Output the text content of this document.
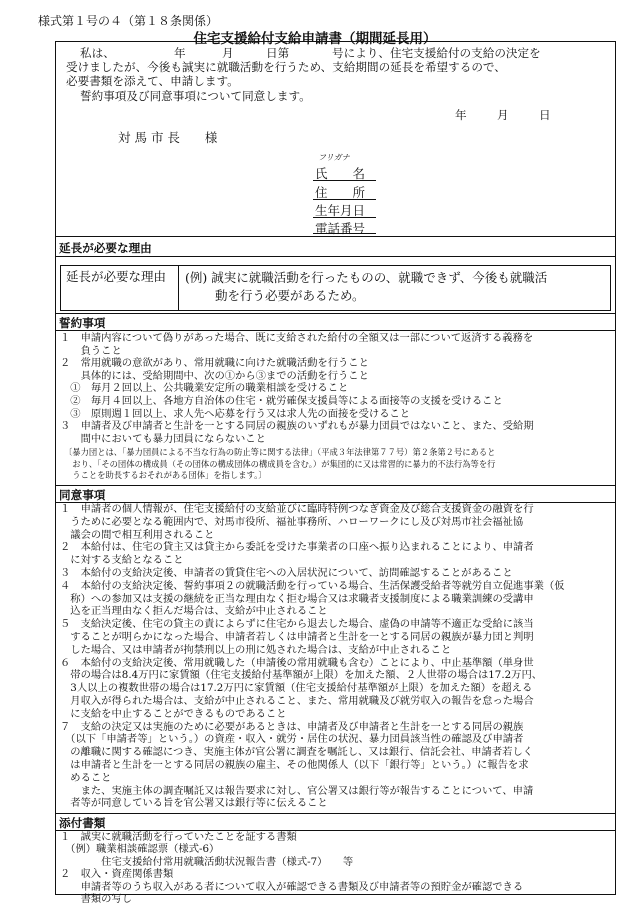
様式第１号の４（第１８条関係）
住宅支援給付支給申請書（期間延長用）
私は、	年	月	日第	号により、住宅支援給付の支給の決定を
受けましたが、今後も誠実に就職活動を行うため、支給期間の延長を希望するので、
必要書類を添えて、申請します。
誓約事項及び同意事項について同意します。
年	月	日
対 馬 市 長　　様
フリガナ
氏　　名
住　　所
生年月日
電話番号
延長が必要な理由
延長が必要な理由 (例) 誠実に就職活動を行ったものの、就職できず、今後も就職活
動を行う必要があるため。
誓約事項
１　申請内容について偽りがあった場合、既に支給された給付の全額又は一部について返済する義務を
　　負うこと
２　常用就職の意欲があり、常用就職に向けた就職活動を行うこと
　　具体的には、受給期間中、次の①から③までの活動を行うこと
　①　毎月２回以上、公共職業安定所の職業相談を受けること
　②　毎月４回以上、各地方自治体の住宅・就労確保支援員等による面接等の支援を受けること
　③　原則週１回以上、求人先へ応募を行う又は求人先の面接を受けること
３　申請者及び申請者と生計を一とする同居の親族のいずれもが暴力団員ではないこと、また、受給期
　　間中においても暴力団員にならないこと
〔暴力団とは、「暴力団員による不当な行為の防止等に関する法律」（平成３年法律第７７号）第２条第２号にあると
　おり、「その団体の構成員（その団体の構成団体の構成員を含む。）が集団的に又は常習的に暴力的不法行為等を行
　うことを助長するおそれがある団体」を指します。〕
同意事項
１　申請者の個人情報が、住宅支援給付の支給並びに臨時特例つなぎ資金及び総合支援資金の融資を行
　うために必要となる範囲内で、対馬市役所、福祉事務所、ハローワークにし及び対馬市社会福祉協
　議会の間で相互利用されること
２　本給付は、住宅の貸主又は貸主から委託を受けた事業者の口座へ振り込まれることにより、申請者
　に対する支給となること
３　本給付の支給決定後、申請者の賃貸住宅への入居状況について、訪問確認することがあること
４　本給付の支給決定後、誓約事項２の就職活動を行っている場合、生活保護受給者等就労自立促進事業（仮
　称）への参加又は支援の継続を正当な理由なく拒む場合又は求職者支援制度による職業訓練の受講申
　込を正当理由なく拒んだ場合は、支給が中止されること
５　支給決定後、住宅の貸主の責によらずに住宅から退去した場合、虚偽の申請等不適正な受給に該当
　することが明らかになった場合、申請者若しくは申請者と生計を一とする同居の親族が暴力団と判明
　した場合、又は申請者が拘禁刑以上の刑に処された場合は、支給が中止されること
６　本給付の支給決定後、常用就職した（申請後の常用就職も含む）ことにより、中止基準額（単身世
　帯の場合は8.4万円に家賃額（住宅支援給付基準額が上限）を加えた額、２人世帯の場合は17.2万円、
　3人以上の複数世帯の場合は17.2万円に家賃額（住宅支援給付基準額が上限）を加えた額）を超える
　月収入が得られた場合は、支給が中止されること、また、常用就職及び就労収入の報告を怠った場合
　に支給を中止することができるものであること
７　支給の決定又は実施のために必要があるときは、申請者及び申請者と生計を一とする同居の親族
　（以下「申請者等」という。）の資産・収入・就労・居住の状況、暴力団員該当性の確認及び申請者
　の離職に関する確認につき、実施主体が官公署に調査を嘱託し、又は銀行、信託会社、申請者若しく
　は申請者と生計を一とする同居の親族の雇主、その他関係人（以下「銀行等」という。）に報告を求
　めること
　　また、実施主体の調査嘱託又は報告要求に対し、官公署又は銀行等が報告することについて、申請
　者等が同意している旨を官公署又は銀行等に伝えること
添付書類
１　誠実に就職活動を行っていたことを証する書類
　（例）職業相談確認票（様式-6）
　　　　住宅支援給付常用就職活動状況報告書（様式-7）　　等
２　収入・資産関係書類
　　申請者等のうち収入がある者について収入が確認できる書類及び申請者等の預貯金が確認できる
　　書類の写し
